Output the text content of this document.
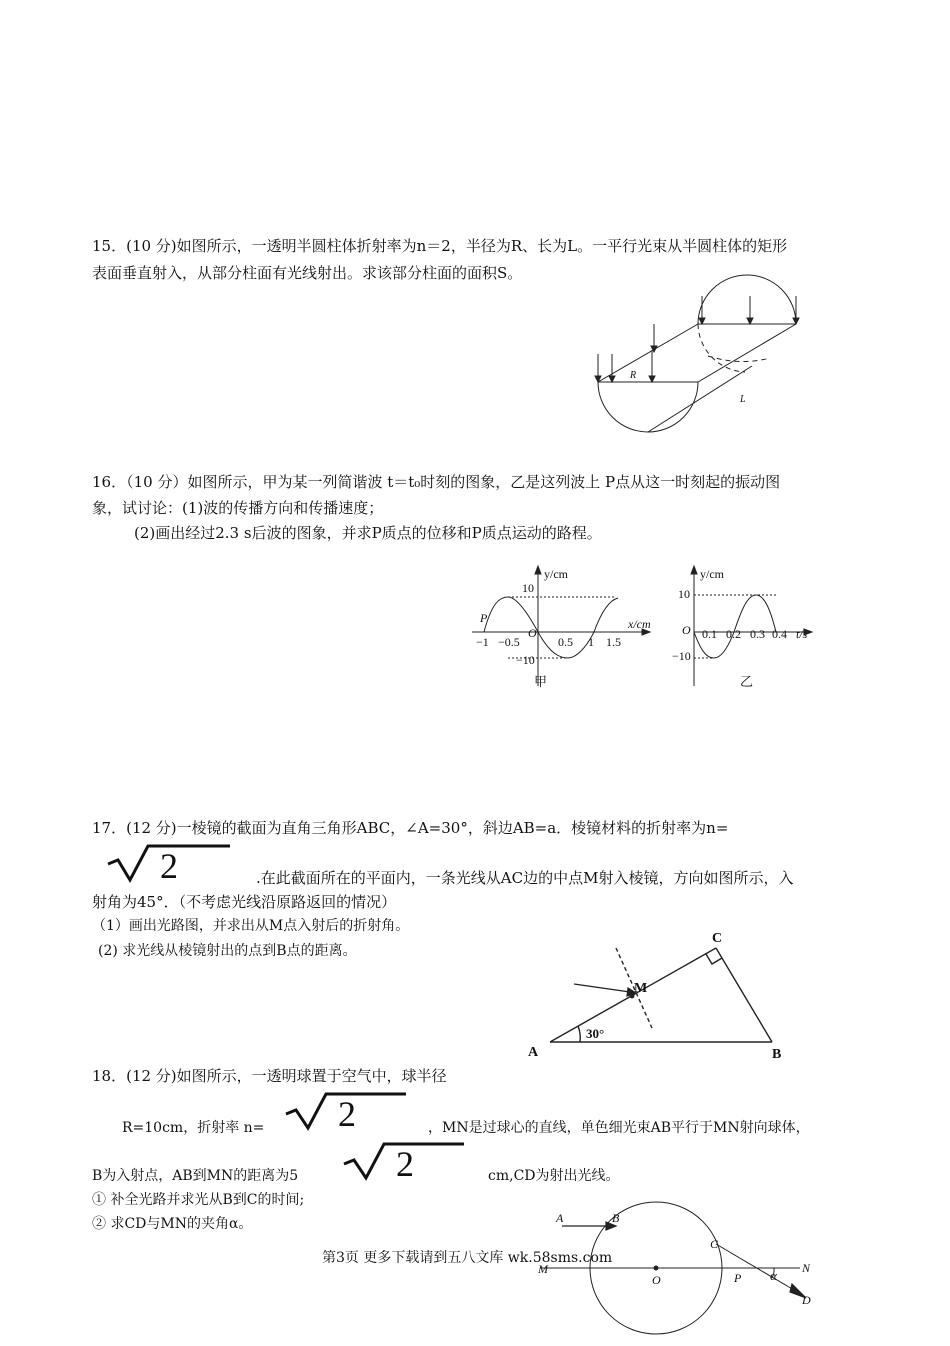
15．(10 分)如图所示，一透明半圆柱体折射率为n＝2，半径为R、长为L。一平行光束从半圆柱体的矩形
表面垂直射入，从部分柱面有光线射出。求该部分柱面的面积S。
R
L
16．（10 分）如图所示，甲为某一列简谐波 t＝t₀时刻的图象，乙是这列波上 P点从这一时刻起的振动图
象，试讨论：(1)波的传播方向和传播速度；
(2)画出经过2.3 s后波的图象，并求P质点的位移和P质点运动的路程。
y/cm
x/cm
P
O
10
−10
−1 −0.5	0.5 1 1.5
甲
y/cm
t/s
O
10
−10
0.1 0.2 0.3 0.4
乙
17．(12 分)一棱镜的截面为直角三角形ABC，∠A=30°，斜边AB=a．棱镜材料的折射率为n=
2	.在此截面所在的平面内，一条光线从AC边的中点M射入棱镜，方向如图所示，入
射角为45°．（不考虑光线沿原路返回的情况）
（1）画出光路图，并求出从M点入射后的折射角。
(2) 求光线从棱镜射出的点到B点的距离。
A	B
C
M
30°
18．(12 分)如图所示，一透明球置于空气中，球半径
R=10cm，折射率 n= 2	，MN是过球心的直线，单色细光束AB平行于MN射向球体，
B为入射点，AB到MN的距离为5	2	cm,CD为射出光线。
① 补全光路并求光从B到C的时间;
② 求CD与MN的夹角α。	A	B
C
M	N
O	P
D
α
第3页 更多下载请到五八文库 wk.58sms.com
